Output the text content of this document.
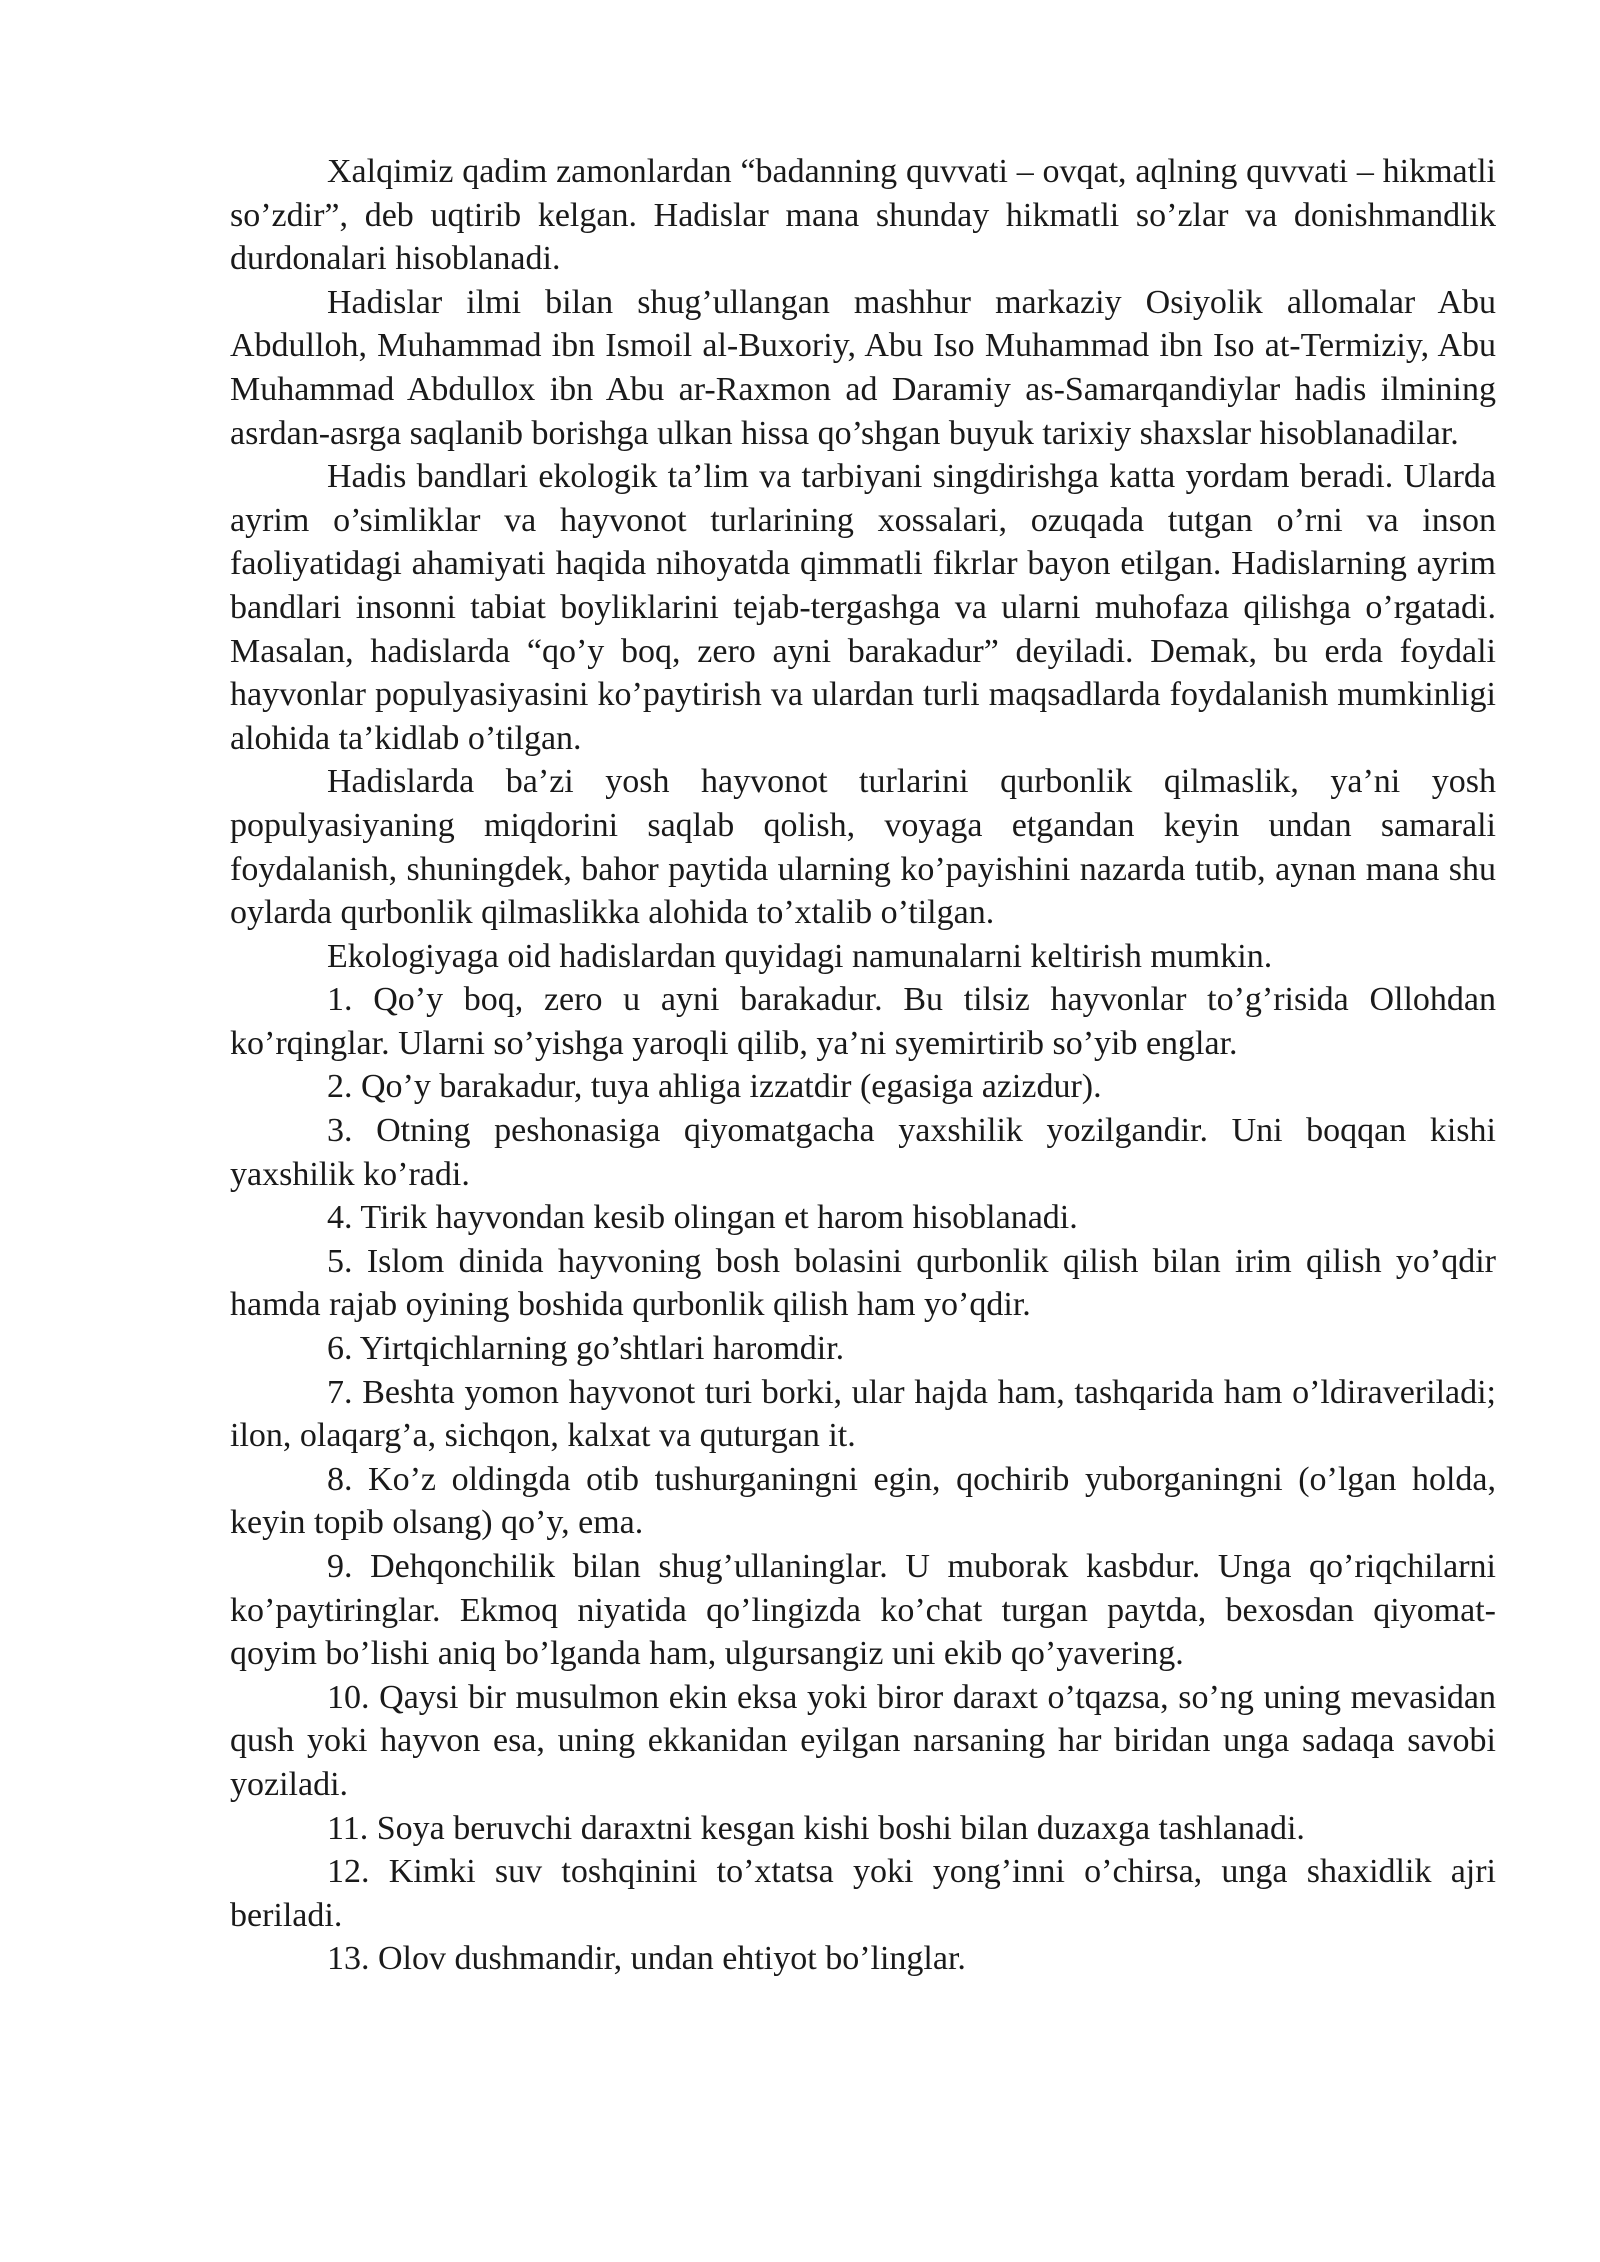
Xalqimiz qadim zamonlardan “badanning quvvati – ovqat, aqlning quvvati – hikmatli so’zdir”, deb uqtirib kelgan. Hadislar mana shunday hikmatli so’zlar va donishmandlik durdonalari hisoblanadi.

Hadislar ilmi bilan shug’ullangan mashhur markaziy Osiyolik allomalar Abu Abdulloh, Muhammad ibn Ismoil al-Buxoriy, Abu Iso Muhammad ibn Iso at-Termiziy, Abu Muhammad Abdullox ibn Abu ar-Raxmon ad Daramiy as-Samarqandiylar hadis ilmining asrdan-asrga saqlanib borishga ulkan hissa qo’shgan buyuk tarixiy shaxslar hisoblanadilar.

Hadis bandlari ekologik ta’lim va tarbiyani singdirishga katta yordam beradi. Ularda ayrim o’simliklar va hayvonot turlarining xossalari, ozuqada tutgan o’rni va inson faoliyatidagi ahamiyati haqida nihoyatda qimmatli fikrlar bayon etilgan. Hadislarning ayrim bandlari insonni tabiat boyliklarini tejab-tergashga va ularni muhofaza qilishga o’rgatadi. Masalan, hadislarda “qo’y boq, zero ayni barakadur” deyiladi. Demak, bu erda foydali hayvonlar populyasiyasini ko’paytirish va ulardan turli maqsadlarda foydalanish mumkinligi alohida ta’kidlab o’tilgan.

Hadislarda ba’zi yosh hayvonot turlarini qurbonlik qilmaslik, ya’ni yosh populyasiyaning miqdorini saqlab qolish, voyaga etgandan keyin undan samarali foydalanish, shuningdek, bahor paytida ularning ko’payishini nazarda tutib, aynan mana shu oylarda qurbonlik qilmaslikka alohida to’xtalib o’tilgan.

Ekologiyaga oid hadislardan quyidagi namunalarni keltirish mumkin.

1. Qo’y boq, zero u ayni barakadur. Bu tilsiz hayvonlar to’g’risida Ollohdan ko’rqinglar. Ularni so’yishga yaroqli qilib, ya’ni syemirtirib so’yib englar.

2. Qo’y barakadur, tuya ahliga izzatdir (egasiga azizdur).

3. Otning peshonasiga qiyomatgacha yaxshilik yozilgandir. Uni boqqan kishi yaxshilik ko’radi.

4. Tirik hayvondan kesib olingan et harom hisoblanadi.

5. Islom dinida hayvoning bosh bolasini qurbonlik qilish bilan irim qilish yo’qdir hamda rajab oyining boshida qurbonlik qilish ham yo’qdir.

6. Yirtqichlarning go’shtlari haromdir.

7. Beshta yomon hayvonot turi borki, ular hajda ham, tashqarida ham o’ldiraveriladi; ilon, olaqarg’a, sichqon, kalxat va quturgan it.

8. Ko’z oldingda otib tushurganingni egin, qochirib yuborganingni (o’lgan holda, keyin topib olsang) qo’y, ema.

9. Dehqonchilik bilan shug’ullaninglar. U muborak kasbdur. Unga qo’riqchilarni ko’paytiringlar. Ekmoq niyatida qo’lingizda ko’chat turgan paytda, bexosdan qiyomat-qoyim bo’lishi aniq bo’lganda ham, ulgursangiz uni ekib qo’yavering.

10. Qaysi bir musulmon ekin eksa yoki biror daraxt o’tqazsa, so’ng uning mevasidan qush yoki hayvon esa, uning ekkanidan eyilgan narsaning har biridan unga sadaqa savobi yoziladi.

11. Soya beruvchi daraxtni kesgan kishi boshi bilan duzaxga tashlanadi.

12. Kimki suv toshqinini to’xtatsa yoki yong’inni o’chirsa, unga shaxidlik ajri beriladi.

13. Olov dushmandir, undan ehtiyot bo’linglar.
